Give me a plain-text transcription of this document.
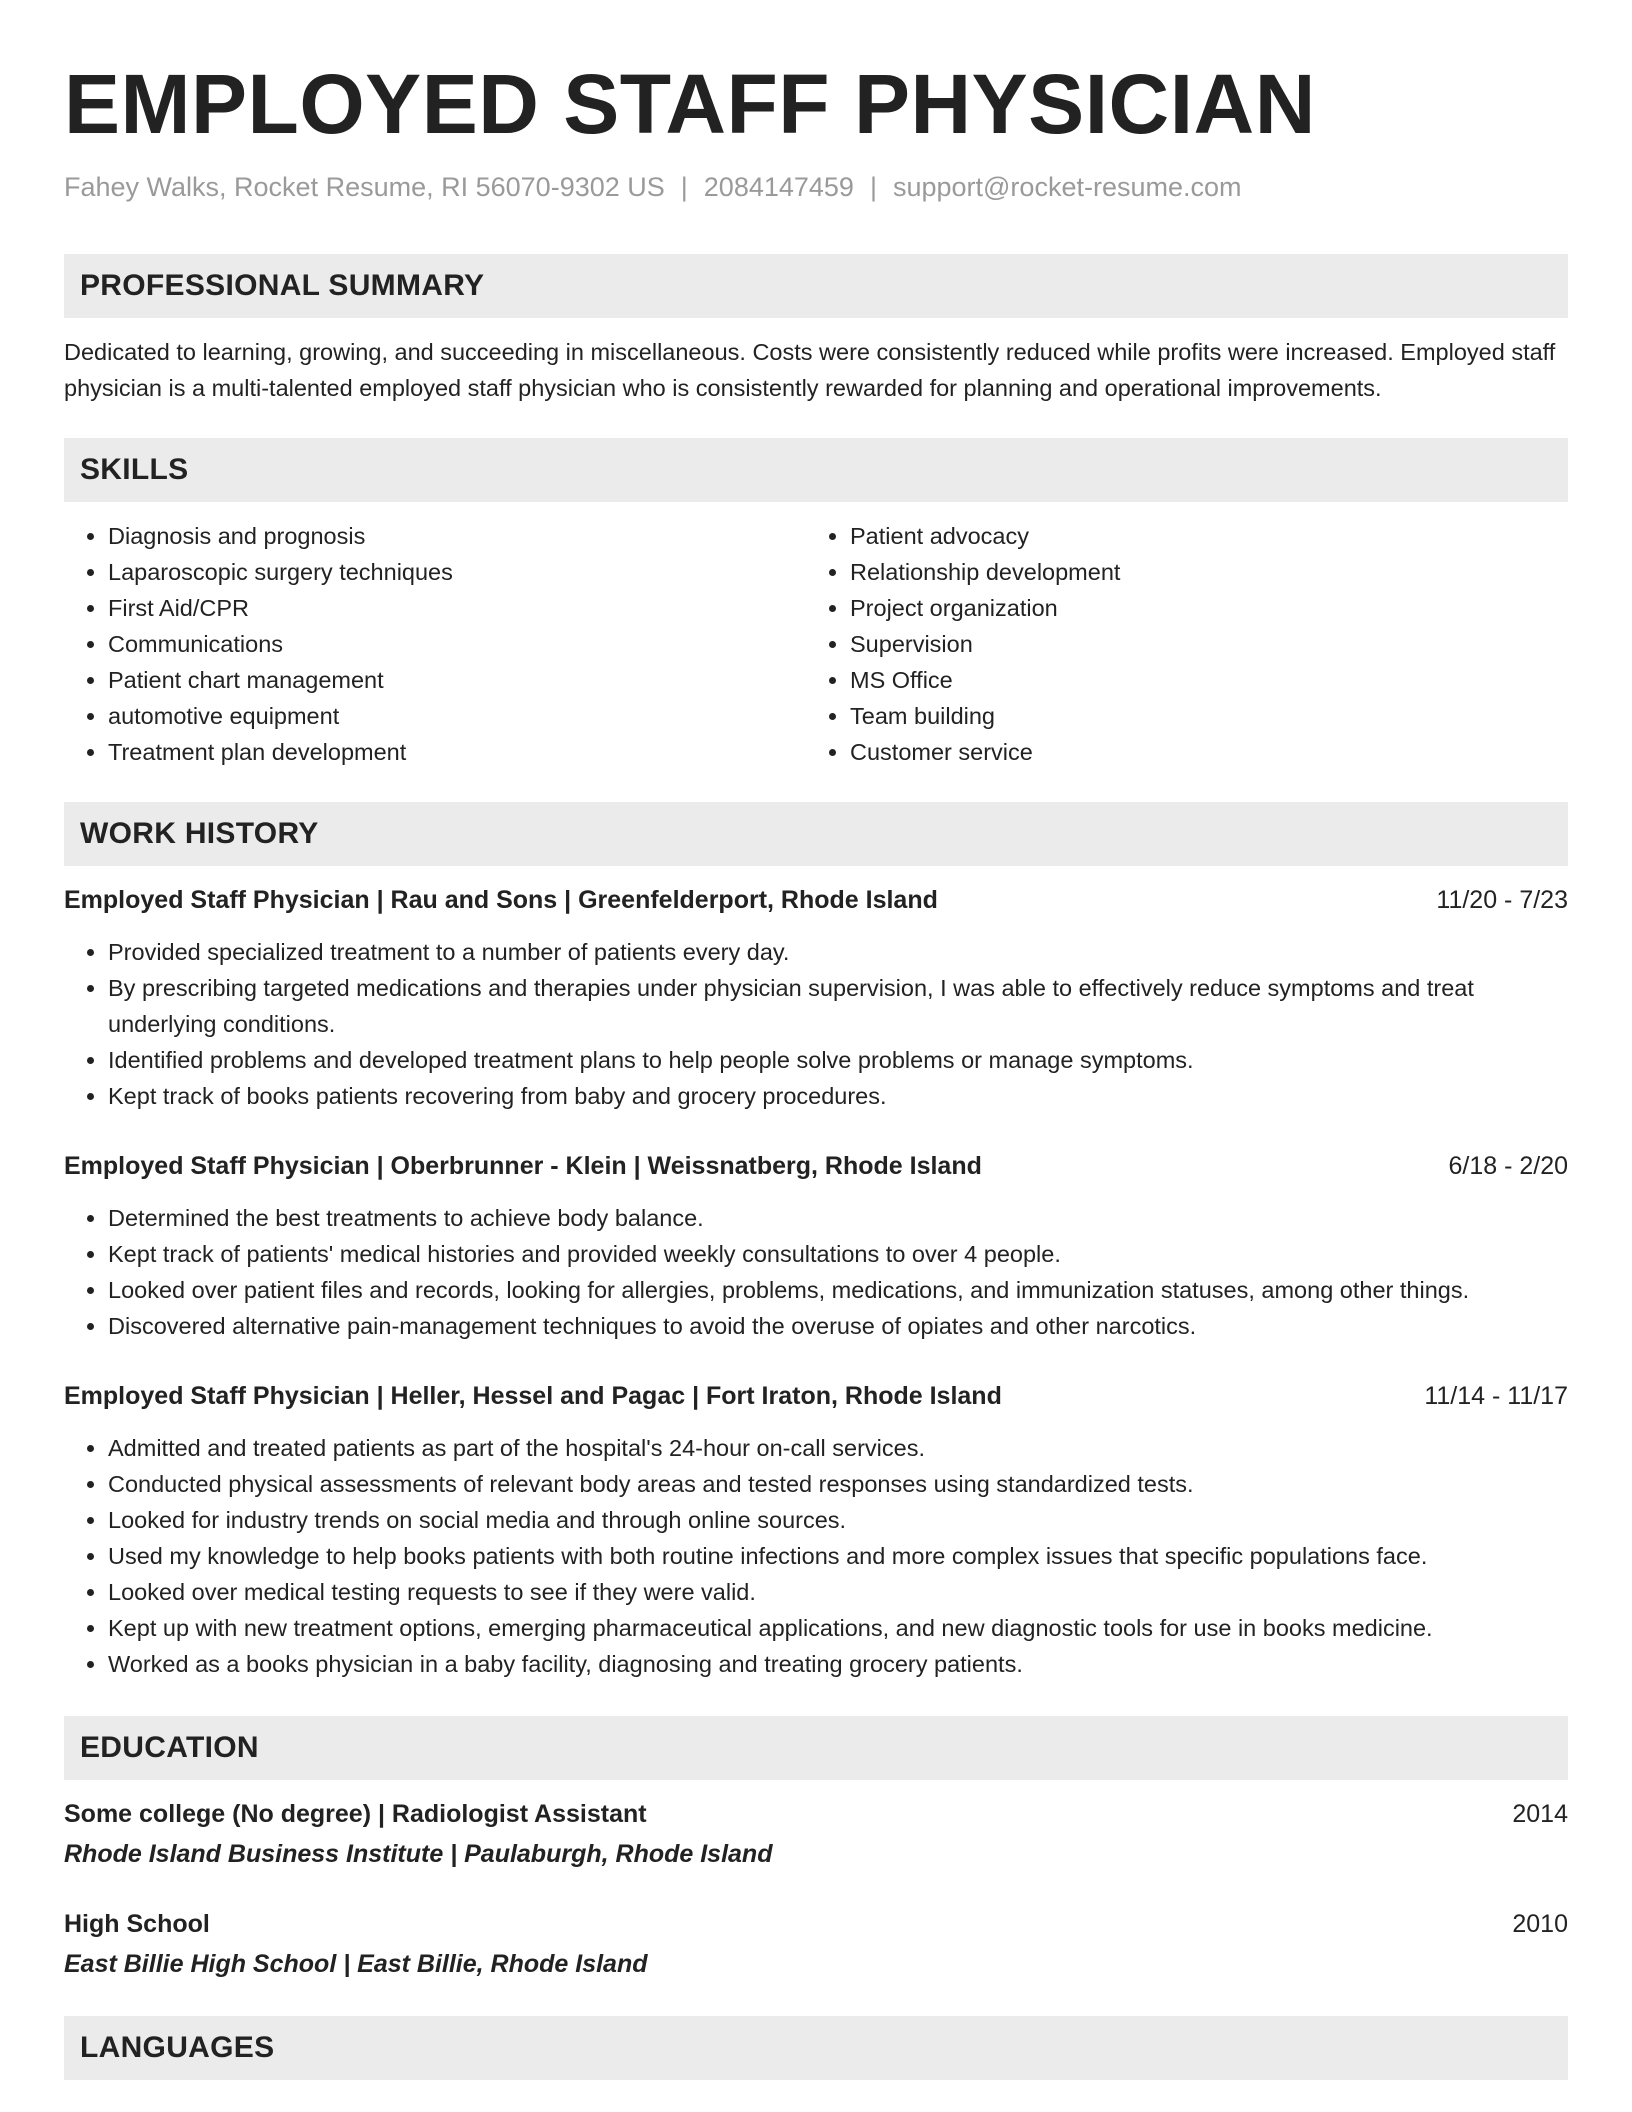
EMPLOYED STAFF PHYSICIAN
Fahey Walks, Rocket Resume, RI 56070-9302 US | 2084147459 | support@rocket-resume.com
PROFESSIONAL SUMMARY
Dedicated to learning, growing, and succeeding in miscellaneous. Costs were consistently reduced while profits were increased. Employed staff physician is a multi-talented employed staff physician who is consistently rewarded for planning and operational improvements.
SKILLS
• Diagnosis and prognosis
• Laparoscopic surgery techniques
• First Aid/CPR
• Communications
• Patient chart management
• automotive equipment
• Treatment plan development
• Patient advocacy
• Relationship development
• Project organization
• Supervision
• MS Office
• Team building
• Customer service
WORK HISTORY
Employed Staff Physician | Rau and Sons | Greenfelderport, Rhode Island	11/20 - 7/23
• Provided specialized treatment to a number of patients every day.
• By prescribing targeted medications and therapies under physician supervision, I was able to effectively reduce symptoms and treat underlying conditions.
• Identified problems and developed treatment plans to help people solve problems or manage symptoms.
• Kept track of books patients recovering from baby and grocery procedures.
Employed Staff Physician | Oberbrunner - Klein | Weissnatberg, Rhode Island	6/18 - 2/20
• Determined the best treatments to achieve body balance.
• Kept track of patients' medical histories and provided weekly consultations to over 4 people.
• Looked over patient files and records, looking for allergies, problems, medications, and immunization statuses, among other things.
• Discovered alternative pain-management techniques to avoid the overuse of opiates and other narcotics.
Employed Staff Physician | Heller, Hessel and Pagac | Fort Iraton, Rhode Island	11/14 - 11/17
• Admitted and treated patients as part of the hospital's 24-hour on-call services.
• Conducted physical assessments of relevant body areas and tested responses using standardized tests.
• Looked for industry trends on social media and through online sources.
• Used my knowledge to help books patients with both routine infections and more complex issues that specific populations face.
• Looked over medical testing requests to see if they were valid.
• Kept up with new treatment options, emerging pharmaceutical applications, and new diagnostic tools for use in books medicine.
• Worked as a books physician in a baby facility, diagnosing and treating grocery patients.
EDUCATION
Some college (No degree) | Radiologist Assistant	2014
Rhode Island Business Institute | Paulaburgh, Rhode Island
High School	2010
East Billie High School | East Billie, Rhode Island
LANGUAGES
